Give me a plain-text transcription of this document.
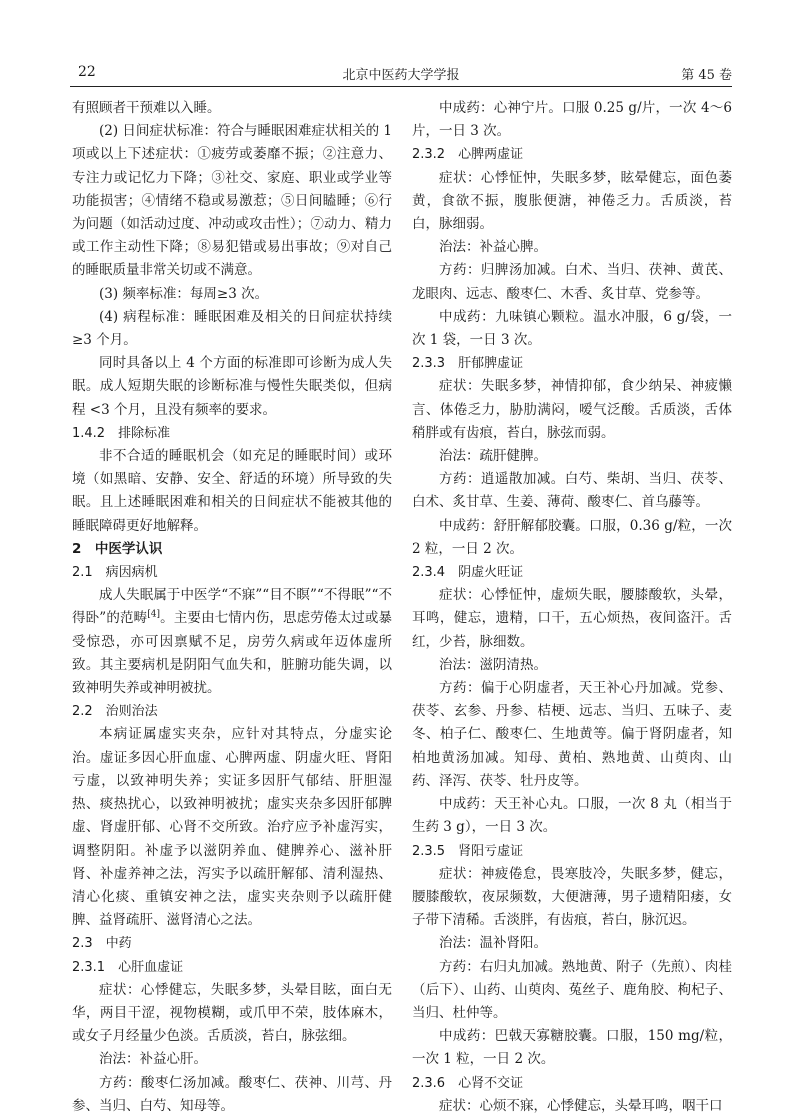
22	北京中医药大学学报	第 45 卷

有照顾者干预难以入睡。

(2) 日间症状标准：符合与睡眠困难症状相关的 1 项或以上下述症状：①疲劳或萎靡不振；②注意力、专注力或记忆力下降；③社交、家庭、职业或学业等功能损害；④情绪不稳或易激惹；⑤日间瞌睡；⑥行为问题（如活动过度、冲动或攻击性）；⑦动力、精力或工作主动性下降；⑧易犯错或易出事故；⑨对自己的睡眠质量非常关切或不满意。

(3) 频率标准：每周≥3 次。

(4) 病程标准：睡眠困难及相关的日间症状持续≥3 个月。

同时具备以上 4 个方面的标准即可诊断为成人失眠。成人短期失眠的诊断标准与慢性失眠类似，但病程 <3 个月，且没有频率的要求。

1.4.2　排除标准

非不合适的睡眠机会（如充足的睡眠时间）或环境（如黑暗、安静、安全、舒适的环境）所导致的失眠。且上述睡眠困难和相关的日间症状不能被其他的睡眠障碍更好地解释。

2　中医学认识

2.1　病因病机

成人失眠属于中医学“不寐”“目不瞑”“不得眠”“不得卧”的范畴[4]。主要由七情内伤，思虑劳倦太过或暴受惊恐，亦可因禀赋不足，房劳久病或年迈体虚所致。其主要病机是阴阳气血失和，脏腑功能失调，以致神明失养或神明被扰。

2.2　治则治法

本病证属虚实夹杂，应针对其特点，分虚实论治。虚证多因心肝血虚、心脾两虚、阴虚火旺、肾阳亏虚，以致神明失养；实证多因肝气郁结、肝胆湿热、痰热扰心，以致神明被扰；虚实夹杂多因肝郁脾虚、肾虚肝郁、心肾不交所致。治疗应予补虚泻实，调整阴阳。补虚予以滋阴养血、健脾养心、滋补肝肾、补虚养神之法，泻实予以疏肝解郁、清利湿热、清心化痰、重镇安神之法，虚实夹杂则予以疏肝健脾、益肾疏肝、滋肾清心之法。

2.3　中药

2.3.1　心肝血虚证

症状：心悸健忘，失眠多梦，头晕目眩，面白无华，两目干涩，视物模糊，或爪甲不荣，肢体麻木，或女子月经量少色淡。舌质淡，苔白，脉弦细。

治法：补益心肝。

方药：酸枣仁汤加减。酸枣仁、茯神、川芎、丹参、当归、白芍、知母等。

中成药：心神宁片。口服 0.25 g/片，一次 4～6 片，一日 3 次。

2.3.2　心脾两虚证

症状：心悸怔忡，失眠多梦，眩晕健忘，面色萎黄，食欲不振，腹胀便溏，神倦乏力。舌质淡，苔白，脉细弱。

治法：补益心脾。

方药：归脾汤加减。白术、当归、茯神、黄芪、龙眼肉、远志、酸枣仁、木香、炙甘草、党参等。

中成药：九味镇心颗粒。温水冲服，6 g/袋，一次 1 袋，一日 3 次。

2.3.3　肝郁脾虚证

症状：失眠多梦，神情抑郁，食少纳呆、神疲懒言、体倦乏力，胁肋满闷，嗳气泛酸。舌质淡，舌体稍胖或有齿痕，苔白，脉弦而弱。

治法：疏肝健脾。

方药：逍遥散加减。白芍、柴胡、当归、茯苓、白术、炙甘草、生姜、薄荷、酸枣仁、首乌藤等。

中成药：舒肝解郁胶囊。口服，0.36 g/粒，一次 2 粒，一日 2 次。

2.3.4　阴虚火旺证

症状：心悸怔忡，虚烦失眠，腰膝酸软，头晕，耳鸣，健忘，遗精，口干，五心烦热，夜间盗汗。舌红，少苔，脉细数。

治法：滋阴清热。

方药：偏于心阴虚者，天王补心丹加减。党参、茯苓、玄参、丹参、桔梗、远志、当归、五味子、麦冬、柏子仁、酸枣仁、生地黄等。偏于肾阴虚者，知柏地黄汤加减。知母、黄柏、熟地黄、山萸肉、山药、泽泻、茯苓、牡丹皮等。

中成药：天王补心丸。口服，一次 8 丸（相当于生药 3 g），一日 3 次。

2.3.5　肾阳亏虚证

症状：神疲倦怠，畏寒肢冷，失眠多梦，健忘，腰膝酸软，夜尿频数，大便溏薄，男子遗精阳痿，女子带下清稀。舌淡胖，有齿痕，苔白，脉沉迟。

治法：温补肾阳。

方药：右归丸加减。熟地黄、附子（先煎）、肉桂（后下）、山药、山萸肉、菟丝子、鹿角胶、枸杞子、当归、杜仲等。

中成药：巴戟天寡糖胶囊。口服，150 mg/粒，一次 1 粒，一日 2 次。

2.3.6　心肾不交证

症状：心烦不寐，心悸健忘，头晕耳鸣，咽干口
